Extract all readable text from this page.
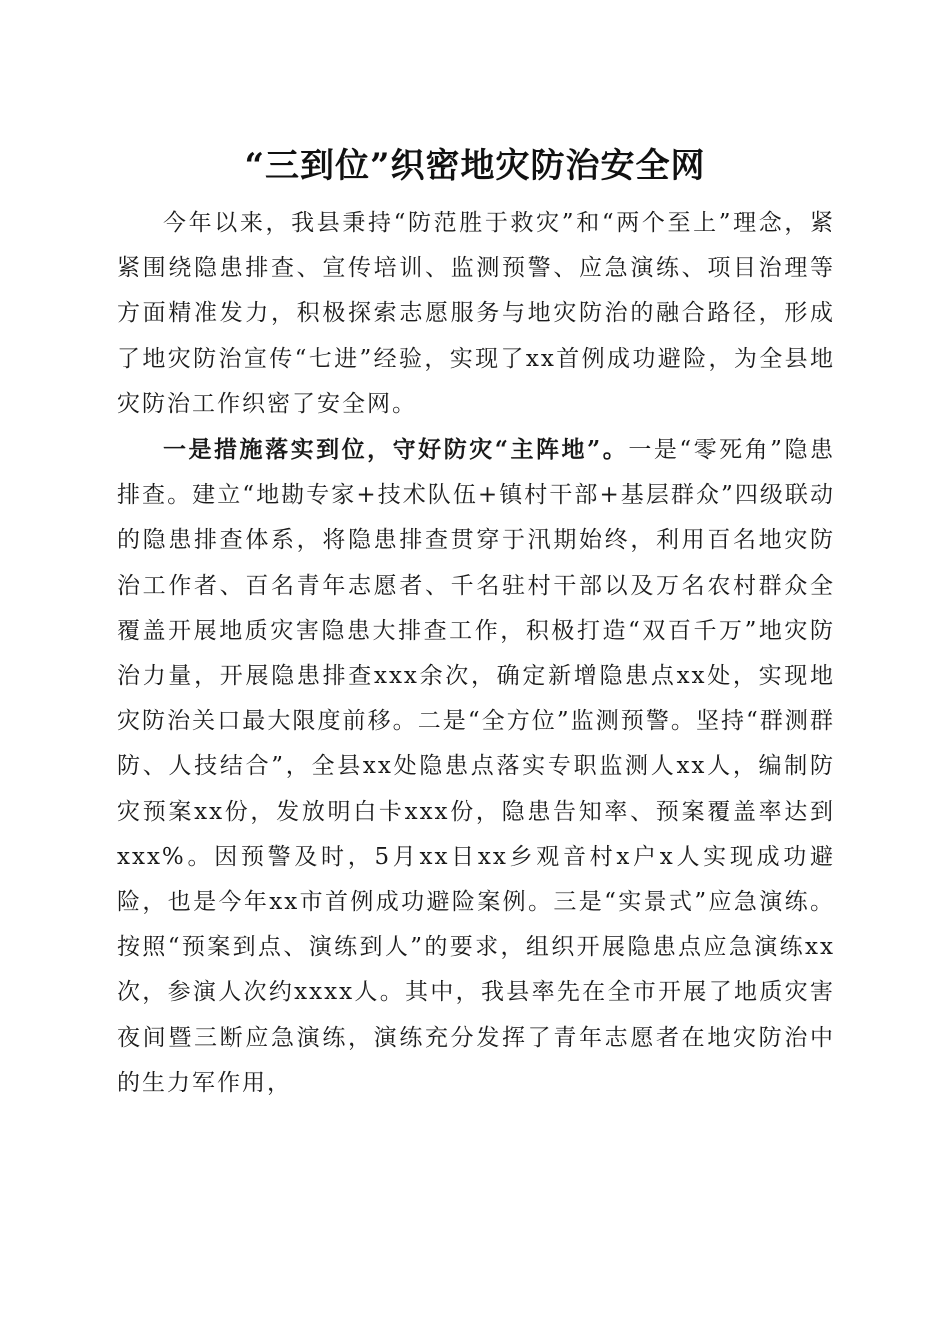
“三到位”织密地灾防治安全网

今年以来，我县秉持“防范胜于救灾”和“两个至上”理念，紧紧围绕隐患排查、宣传培训、监测预警、应急演练、项目治理等方面精准发力，积极探索志愿服务与地灾防治的融合路径，形成了地灾防治宣传“七进”经验，实现了xx首例成功避险，为全县地灾防治工作织密了安全网。

一是措施落实到位，守好防灾“主阵地”。一是“零死角”隐患排查。建立“地勘专家+技术队伍+镇村干部+基层群众”四级联动的隐患排查体系，将隐患排查贯穿于汛期始终，利用百名地灾防治工作者、百名青年志愿者、千名驻村干部以及万名农村群众全覆盖开展地质灾害隐患大排查工作，积极打造“双百千万”地灾防治力量，开展隐患排查xxx余次，确定新增隐患点xx处，实现地灾防治关口最大限度前移。二是“全方位”监测预警。坚持“群测群防、人技结合”，全县xx处隐患点落实专职监测人xx人，编制防灾预案xx份，发放明白卡xxx份，隐患告知率、预案覆盖率达到xxx%。因预警及时，5月xx日xx乡观音村x户x人实现成功避险，也是今年xx市首例成功避险案例。三是“实景式”应急演练。按照“预案到点、演练到人”的要求，组织开展隐患点应急演练xx次，参演人次约xxxx人。其中，我县率先在全市开展了地质灾害夜间暨三断应急演练，演练充分发挥了青年志愿者在地灾防治中的生力军作用，
